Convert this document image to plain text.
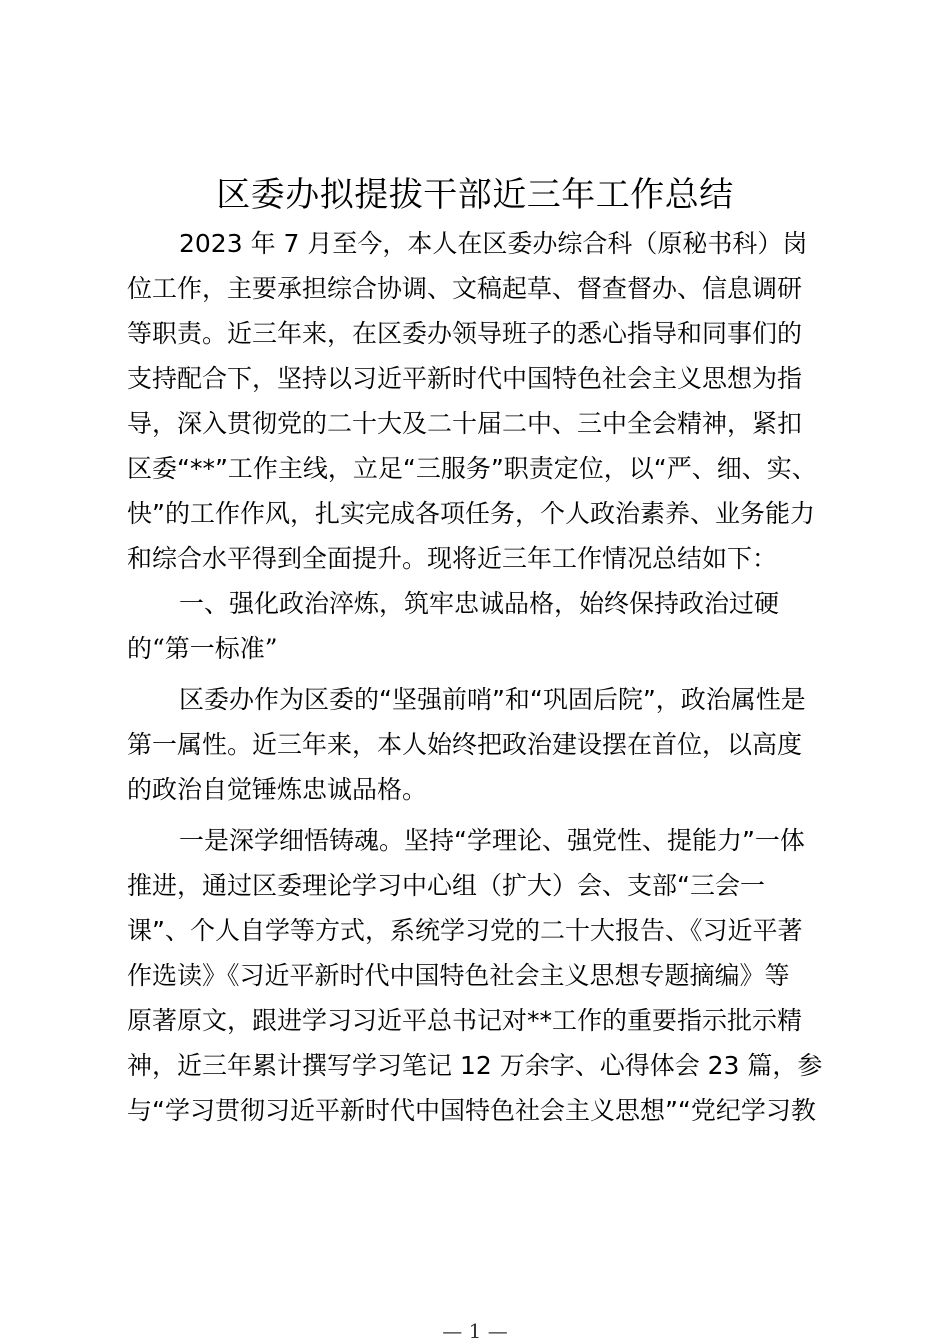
区委办拟提拔干部近三年工作总结
2023 年 7 月至今，本人在区委办综合科（原秘书科）岗
位工作，主要承担综合协调、文稿起草、督查督办、信息调研
等职责。近三年来，在区委办领导班子的悉心指导和同事们的
支持配合下，坚持以习近平新时代中国特色社会主义思想为指
导，深入贯彻党的二十大及二十届二中、三中全会精神，紧扣
区委“**”工作主线，立足“三服务”职责定位，以“严、细、实、
快”的工作作风，扎实完成各项任务，个人政治素养、业务能力
和综合水平得到全面提升。现将近三年工作情况总结如下：
一、强化政治淬炼，筑牢忠诚品格，始终保持政治过硬
的“第一标准”
区委办作为区委的“坚强前哨”和“巩固后院”，政治属性是
第一属性。近三年来，本人始终把政治建设摆在首位，以高度
的政治自觉锤炼忠诚品格。
一是深学细悟铸魂。坚持“学理论、强党性、提能力”一体
推进，通过区委理论学习中心组（扩大）会、支部“三会一
课”、个人自学等方式，系统学习党的二十大报告、《习近平著
作选读》《习近平新时代中国特色社会主义思想专题摘编》等
原著原文，跟进学习习近平总书记对**工作的重要指示批示精
神，近三年累计撰写学习笔记 12 万余字、心得体会 23 篇，参
与“学习贯彻习近平新时代中国特色社会主义思想”“党纪学习教
— 1 —
